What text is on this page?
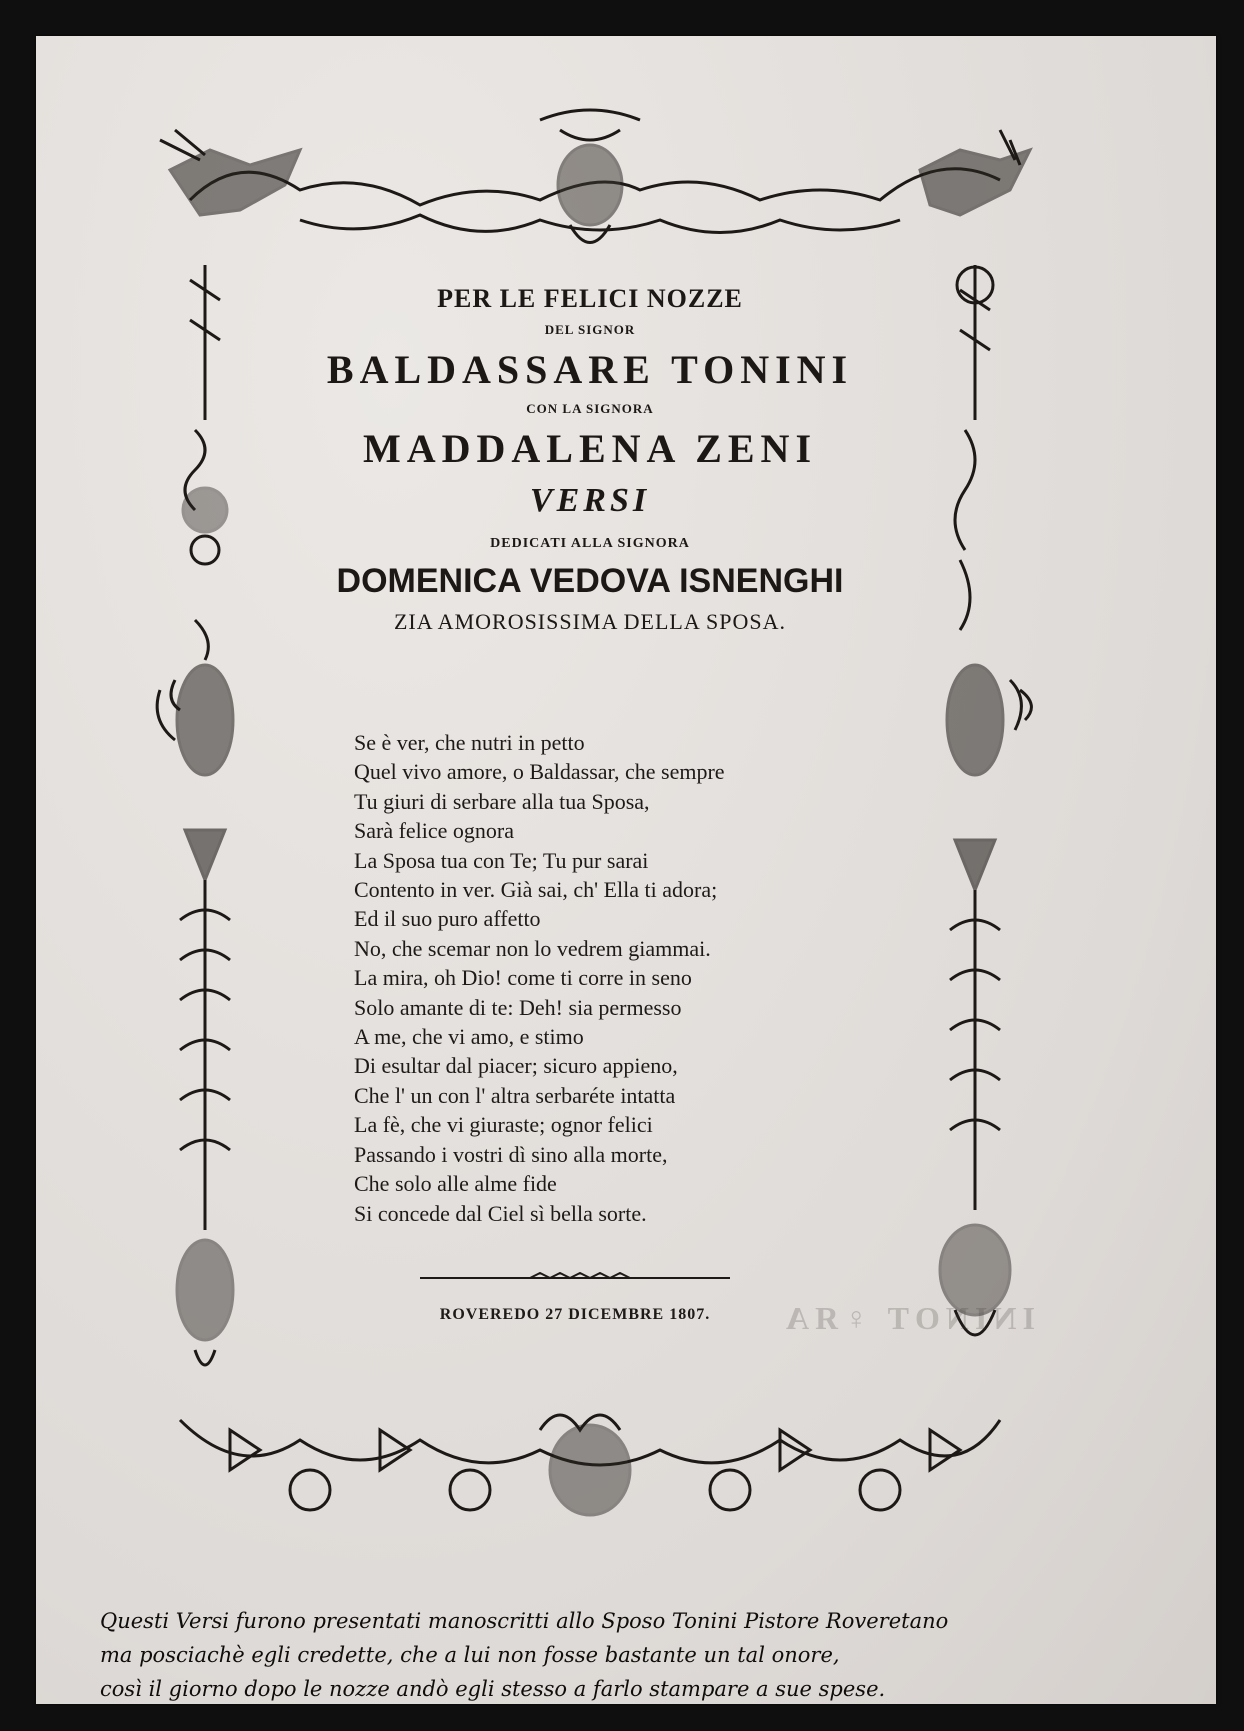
PER LE FELICI NOZZE
DEL SIGNOR
BALDASSARE TONINI
CON LA SIGNORA
MADDALENA ZENI
VERSI
DEDICATI ALLA SIGNORA
DOMENICA VEDOVA ISNENGHI
ZIA AMOROSISSIMA DELLA SPOSA.
Se è ver, che nutri in petto
Quel vivo amore, o Baldassar, che sempre
Tu giuri di serbare alla tua Sposa,
Sarà felice ognora
La Sposa tua con Te; Tu pur sarai
Contento in ver. Già sai, ch' Ella ti adora;
Ed il suo puro affetto
No, che scemar non lo vedrem giammai.
La mira, oh Dio! come ti corre in seno
Solo amante di te: Deh! sia permesso
A me, che vi amo, e stimo
Di esultar dal piacer; sicuro appieno,
Che l' un con l' altra serbaréte intatta
La fè, che vi giuraste; ognor felici
Passando i vostri dì sino alla morte,
Che solo alle alme fide
Si concede dal Ciel sì bella sorte.
ROVEREDO 27 DICEMBRE 1807.	ININOT ♀ЯA
Questi Versi furono presentati manoscritti allo Sposo Tonini Pistore Roveretano
ma posciachè egli credette, che a lui non fosse bastante un tal onore,
così il giorno dopo le nozze andò egli stesso a farlo stampare a sue spese.
